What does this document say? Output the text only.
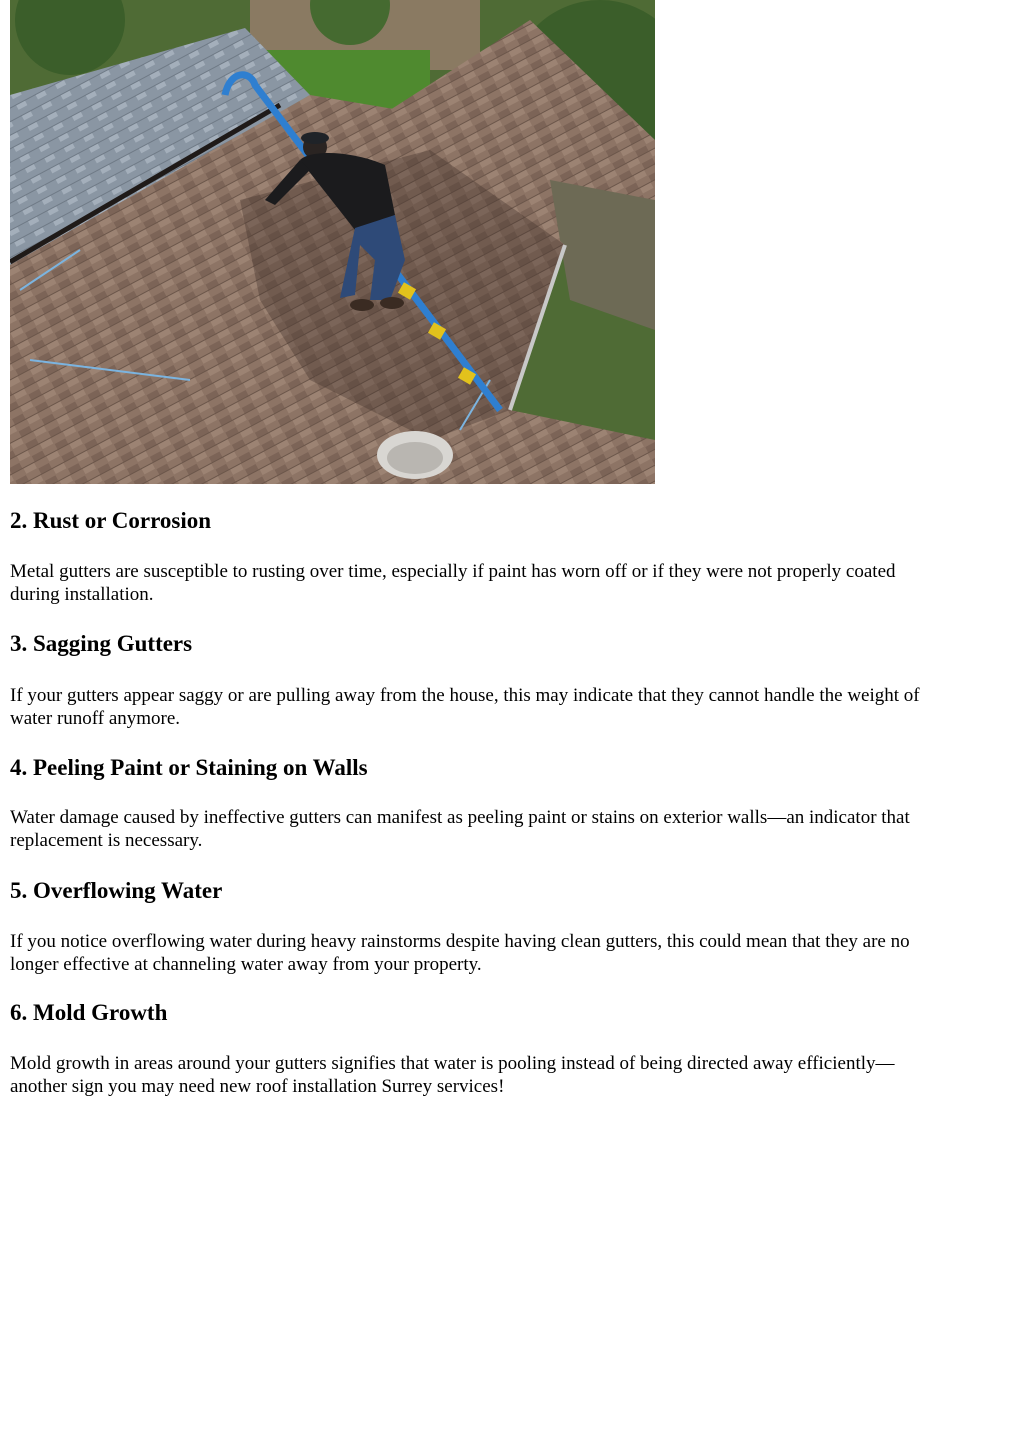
2. Rust or Corrosion

Metal gutters are susceptible to rusting over time, especially if paint has worn off or if they were not properly coated
during installation.

3. Sagging Gutters

If your gutters appear saggy or are pulling away from the house, this may indicate that they cannot handle the weight of
water runoff anymore.

4. Peeling Paint or Staining on Walls

Water damage caused by ineffective gutters can manifest as peeling paint or stains on exterior walls—an indicator that
replacement is necessary.

5. Overflowing Water

If you notice overflowing water during heavy rainstorms despite having clean gutters, this could mean that they are no
longer effective at channeling water away from your property.

6. Mold Growth

Mold growth in areas around your gutters signifies that water is pooling instead of being directed away efficiently—
another sign you may need new roof installation Surrey services!
